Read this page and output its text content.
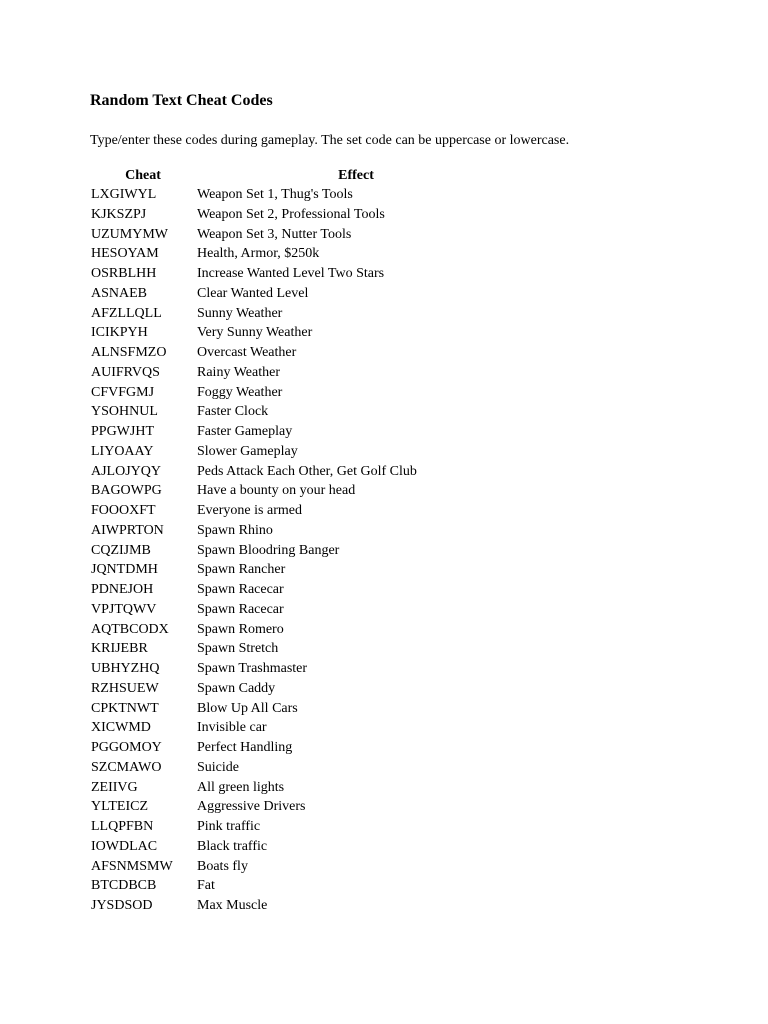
Random Text Cheat Codes
Type/enter these codes during gameplay. The set code can be uppercase or lowercase.
Cheat	Effect
LXGIWYL	Weapon Set 1, Thug's Tools
KJKSZPJ	Weapon Set 2, Professional Tools
UZUMYMW Weapon Set 3, Nutter Tools
HESOYAM	Health, Armor, $250k
OSRBLHH	Increase Wanted Level Two Stars
ASNAEB	Clear Wanted Level
AFZLLQLL	Sunny Weather
ICIKPYH	Very Sunny Weather
ALNSFMZO Overcast Weather
AUIFRVQS	Rainy Weather
CFVFGMJ	Foggy Weather
YSOHNUL	Faster Clock
PPGWJHT	Faster Gameplay
LIYOAAY	Slower Gameplay
AJLOJYQY	Peds Attack Each Other, Get Golf Club
BAGOWPG	Have a bounty on your head
FOOOXFT	Everyone is armed
AIWPRTON Spawn Rhino
CQZIJMB	Spawn Bloodring Banger
JQNTDMH	Spawn Rancher
PDNEJOH	Spawn Racecar
VPJTQWV	Spawn Racecar
AQTBCODX Spawn Romero
KRIJEBR	Spawn Stretch
UBHYZHQ	Spawn Trashmaster
RZHSUEW	Spawn Caddy
CPKTNWT	Blow Up All Cars
XICWMD	Invisible car
PGGOMOY	Perfect Handling
SZCMAWO	Suicide
ZEIIVG	All green lights
YLTEICZ	Aggressive Drivers
LLQPFBN	Pink traffic
IOWDLAC	Black traffic
AFSNMSMW Boats fly
BTCDBCB	Fat
JYSDSOD	Max Muscle
